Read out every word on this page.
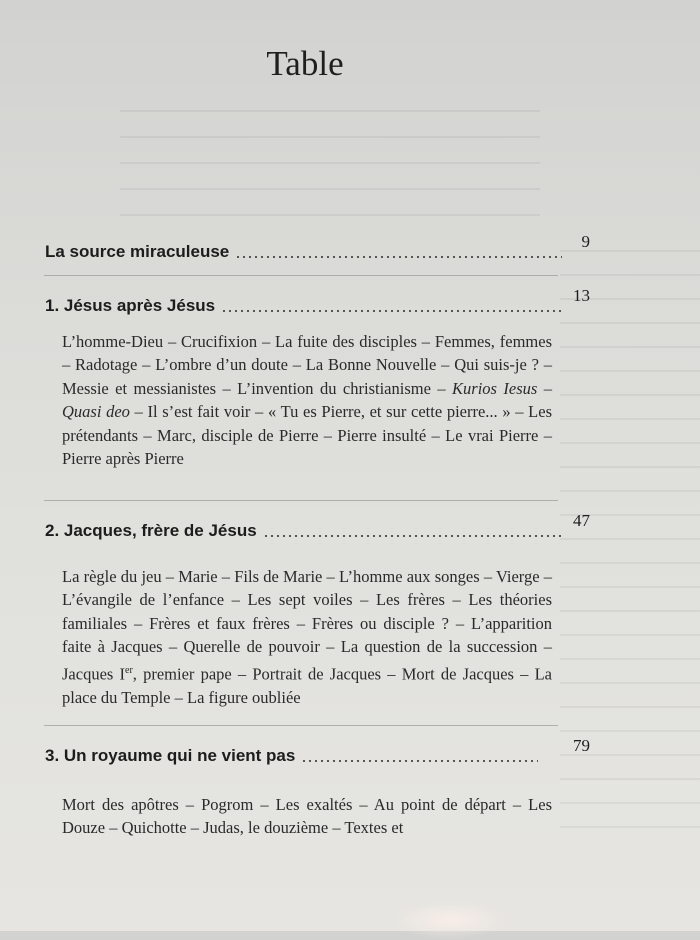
Table
La source miraculeuse
9
1. Jésus après Jésus
13
L’homme-Dieu – Crucifixion – La fuite des disciples – Femmes, femmes – Radotage – L’ombre d’un doute – La Bonne Nouvelle – Qui suis-je ? – Messie et messianistes – L’invention du christianisme – Kurios Iesus – Quasi deo – Il s’est fait voir – « Tu es Pierre, et sur cette pierre... » – Les prétendants – Marc, disciple de Pierre – Pierre insulté – Le vrai Pierre – Pierre après Pierre
2. Jacques, frère de Jésus
47
La règle du jeu – Marie – Fils de Marie – L’homme aux songes – Vierge – L’évangile de l’enfance – Les sept voiles – Les frères – Les théories familiales – Frères et faux frères – Frères ou disciple ? – L’apparition faite à Jacques – Querelle de pouvoir – La question de la succession – Jacques Ier, premier pape – Portrait de Jacques – Mort de Jacques – La place du Temple – La figure oubliée
3. Un royaume qui ne vient pas
79
Mort des apôtres – Pogrom – Les exaltés – Au point de départ – Les Douze – Quichotte – Judas, le douzième – Textes et
